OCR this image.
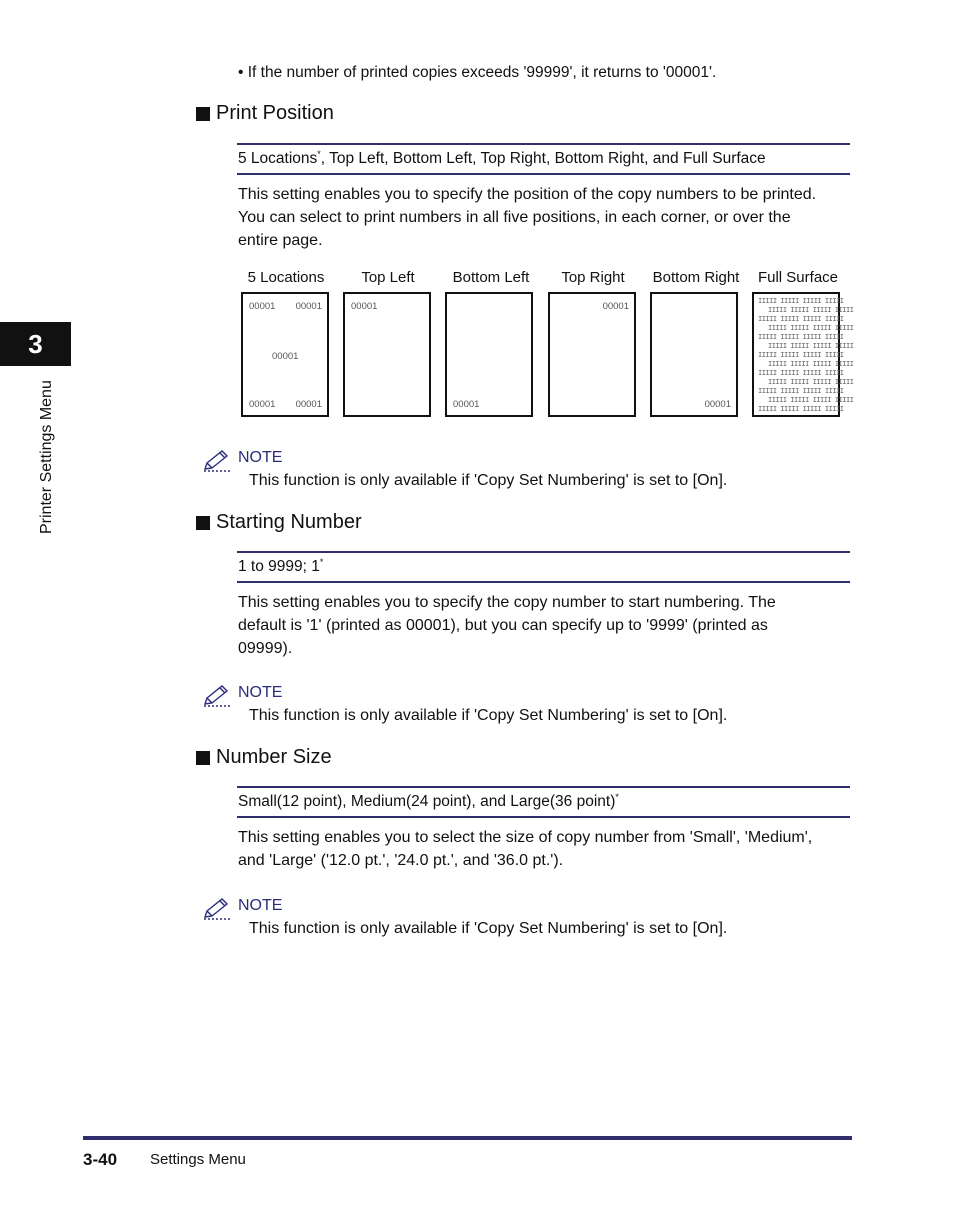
• If the number of printed copies exceeds '99999', it returns to '00001'.
Print Position
5 Locations*, Top Left, Bottom Left, Top Right, Bottom Right, and Full Surface
This setting enables you to specify the position of the copy numbers to be printed.
You can select to print numbers in all five positions, in each corner, or over the
entire page.
5 Locations	Top Left	Bottom Left	Top Right	Bottom Right	Full Surface
00001 00001
00001
00001 00001
00001
00001
00001
00001
IIIII IIIII IIIII IIIII
IIIII IIIII IIIII IIIII
IIIII IIIII IIIII IIIII
IIIII IIIII IIIII IIIII
IIIII IIIII IIIII IIIII
IIIII IIIII IIIII IIIII
IIIII IIIII IIIII IIIII
IIIII IIIII IIIII IIIII
IIIII IIIII IIIII IIIII
IIIII IIIII IIIII IIIII
IIIII IIIII IIIII IIIII
IIIII IIIII IIIII IIIII
IIIII IIIII IIIII IIIII
NOTE
This function is only available if 'Copy Set Numbering' is set to [On].
Starting Number
1 to 9999; 1*
This setting enables you to specify the copy number to start numbering. The
default is '1' (printed as 00001), but you can specify up to '9999' (printed as
09999).
NOTE
This function is only available if 'Copy Set Numbering' is set to [On].
Number Size
Small(12 point), Medium(24 point), and Large(36 point)*
This setting enables you to select the size of copy number from 'Small', 'Medium',
and 'Large' ('12.0 pt.', '24.0 pt.', and '36.0 pt.').
NOTE
This function is only available if 'Copy Set Numbering' is set to [On].
3
Printer Settings Menu
3-40 Settings Menu
